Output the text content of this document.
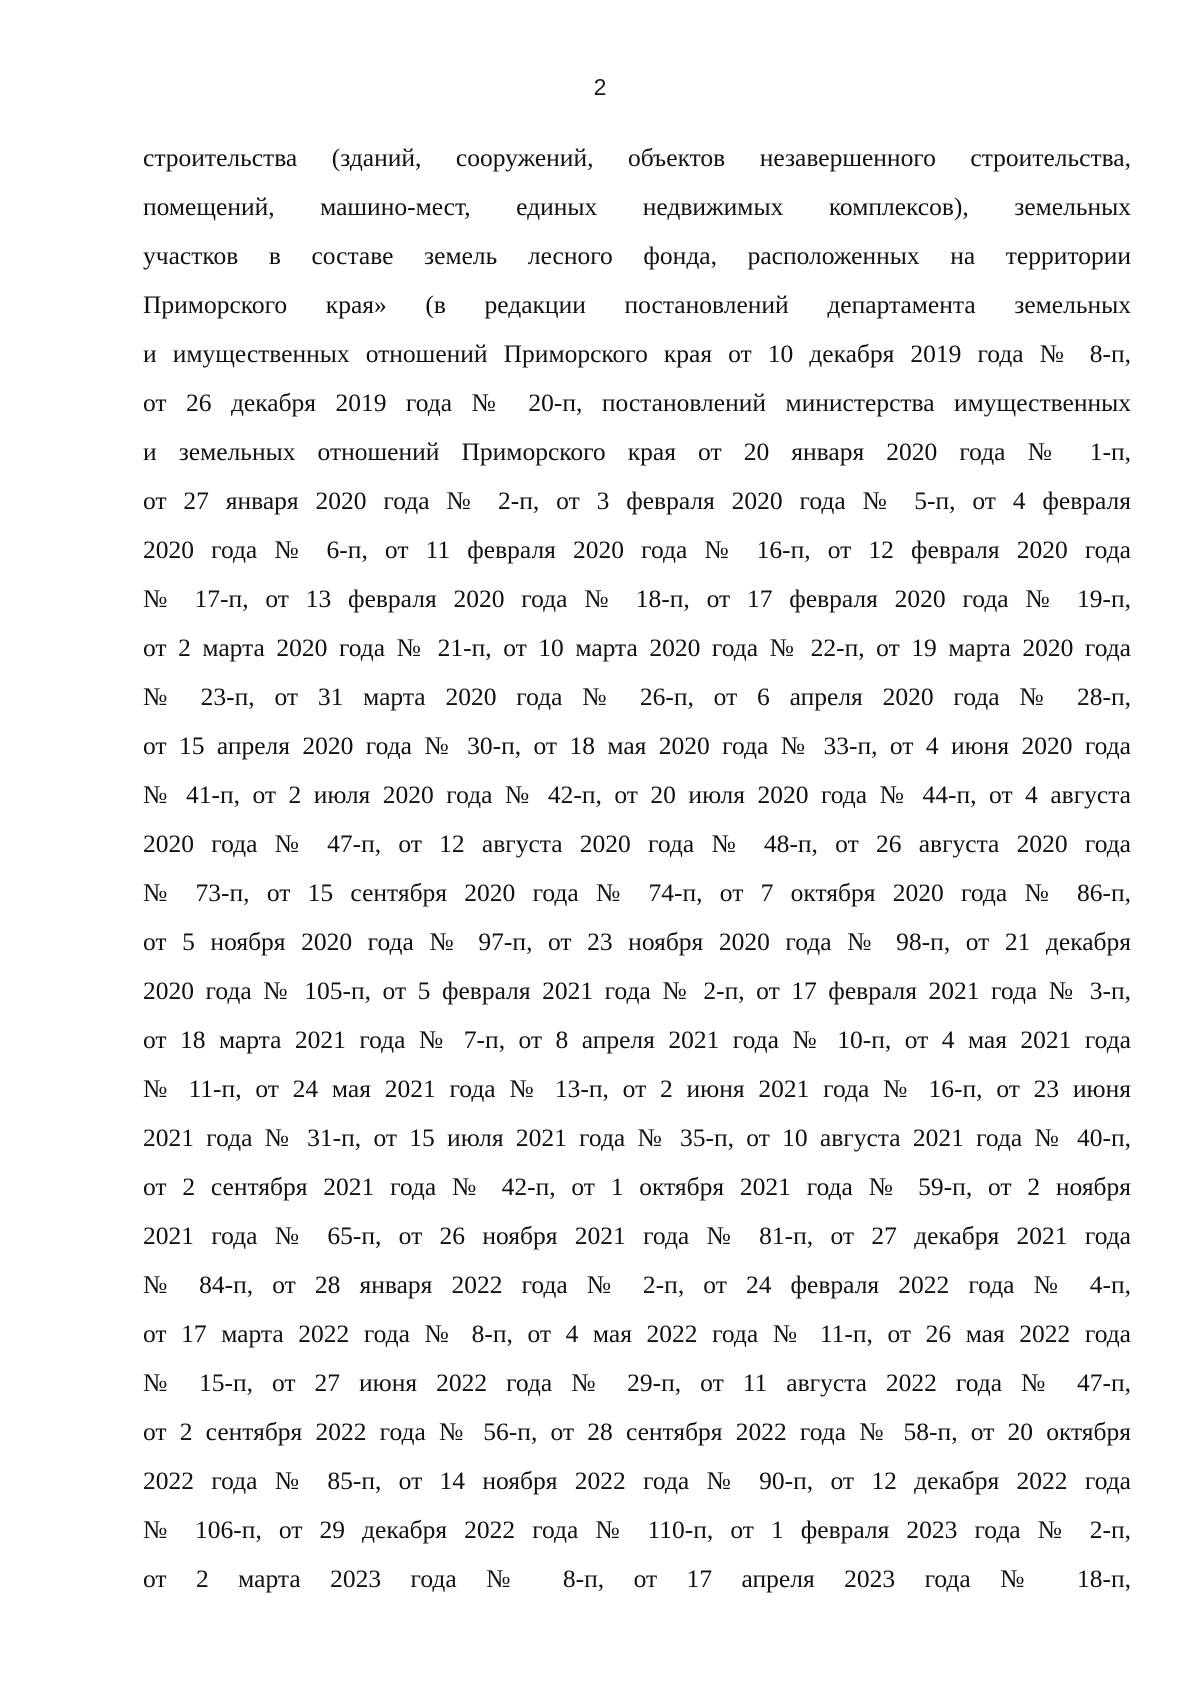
2
строительства (зданий, сооружений, объектов незавершенного строительства,
помещений, машино-мест, единых недвижимых комплексов), земельных
участков в составе земель лесного фонда, расположенных на территории
Приморского края» (в редакции постановлений департамента земельных
и имущественных отношений Приморского края от 10 декабря 2019 года № 8-п,
от 26 декабря 2019 года № 20-п, постановлений министерства имущественных
и земельных отношений Приморского края от 20 января 2020 года № 1-п,
от 27 января 2020 года № 2-п, от 3 февраля 2020 года № 5-п, от 4 февраля
2020 года № 6-п, от 11 февраля 2020 года № 16-п, от 12 февраля 2020 года
№ 17-п, от 13 февраля 2020 года № 18-п, от 17 февраля 2020 года № 19-п,
от 2 марта 2020 года № 21-п, от 10 марта 2020 года № 22-п, от 19 марта 2020 года
№ 23-п, от 31 марта 2020 года № 26-п, от 6 апреля 2020 года № 28-п,
от 15 апреля 2020 года № 30-п, от 18 мая 2020 года № 33-п, от 4 июня 2020 года
№ 41-п, от 2 июля 2020 года № 42-п, от 20 июля 2020 года № 44-п, от 4 августа
2020 года № 47-п, от 12 августа 2020 года № 48-п, от 26 августа 2020 года
№ 73-п, от 15 сентября 2020 года № 74-п, от 7 октября 2020 года № 86-п,
от 5 ноября 2020 года № 97-п, от 23 ноября 2020 года № 98-п, от 21 декабря
2020 года № 105-п, от 5 февраля 2021 года № 2-п, от 17 февраля 2021 года № 3-п,
от 18 марта 2021 года № 7-п, от 8 апреля 2021 года № 10-п, от 4 мая 2021 года
№ 11-п, от 24 мая 2021 года № 13-п, от 2 июня 2021 года № 16-п, от 23 июня
2021 года № 31-п, от 15 июля 2021 года № 35-п, от 10 августа 2021 года № 40-п,
от 2 сентября 2021 года № 42-п, от 1 октября 2021 года № 59-п, от 2 ноября
2021 года № 65-п, от 26 ноября 2021 года № 81-п, от 27 декабря 2021 года
№ 84-п, от 28 января 2022 года № 2-п, от 24 февраля 2022 года № 4-п,
от 17 марта 2022 года № 8-п, от 4 мая 2022 года № 11-п, от 26 мая 2022 года
№ 15-п, от 27 июня 2022 года № 29-п, от 11 августа 2022 года № 47-п,
от 2 сентября 2022 года № 56-п, от 28 сентября 2022 года № 58-п, от 20 октября
2022 года № 85-п, от 14 ноября 2022 года № 90-п, от 12 декабря 2022 года
№ 106-п, от 29 декабря 2022 года № 110-п, от 1 февраля 2023 года № 2-п,
от 2 марта 2023 года № 8-п, от 17 апреля 2023 года № 18-п,
